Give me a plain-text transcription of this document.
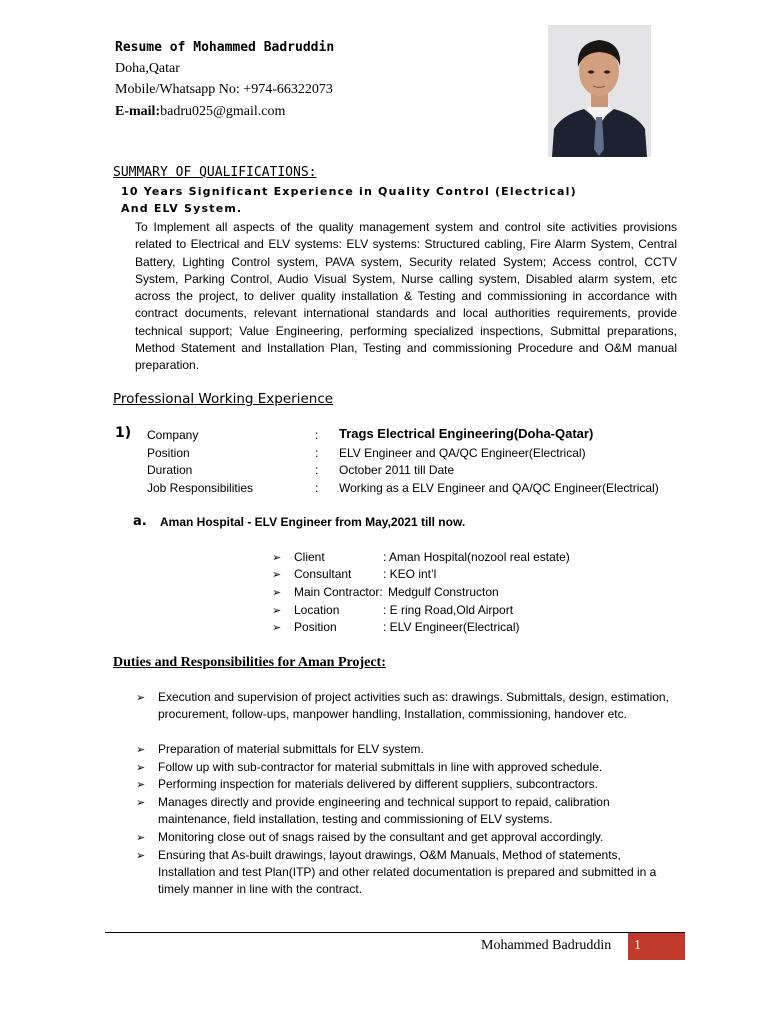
Resume of Mohammed Badruddin
Doha,Qatar
Mobile/Whatsapp No: +974-66322073
E-mail:badru025@gmail.com
SUMMARY OF QUALIFICATIONS:
10 Years Significant Experience in Quality Control (Electrical) And ELV System.
To Implement all aspects of the quality management system and control site activities provisions related to Electrical and ELV systems: ELV systems: Structured cabling, Fire Alarm System, Central Battery, Lighting Control system, PAVA system, Security related System; Access control, CCTV System, Parking Control, Audio Visual System, Nurse calling system, Disabled alarm system, etc across the project, to deliver quality installation & Testing and commissioning in accordance with contract documents, relevant international standards and local authorities requirements, provide technical support; Value Engineering, performing specialized inspections, Submittal preparations, Method Statement and Installation Plan, Testing and commissioning Procedure and O&M manual preparation.
Professional Working Experience
1) Company	: Trags Electrical Engineering(Doha-Qatar)
Position	: ELV Engineer and QA/QC Engineer(Electrical)
Duration	: October 2011 till Date
Job Responsibilities	: Working as a ELV Engineer and QA/QC Engineer(Electrical)
a. Aman Hospital - ELV Engineer from May,2021 till now.
➢ Client	: Aman Hospital(nozool real estate)
➢ Consultant	: KEO int’l
➢ Main Contractor: Medgulf Constructon
➢ Location	: E ring Road,Old Airport
➢ Position	: ELV Engineer(Electrical)
Duties and Responsibilities for Aman Project:
➢ Execution and supervision of project activities such as: drawings. Submittals, design, estimation, procurement, follow-ups, manpower handling, Installation, commissioning, handover etc.
➢ Preparation of material submittals for ELV system.
➢ Follow up with sub-contractor for material submittals in line with approved schedule.
➢ Performing inspection for materials delivered by different suppliers, subcontractors.
➢ Manages directly and provide engineering and technical support to repaid, calibration maintenance, field installation, testing and commissioning of ELV systems.
➢ Monitoring close out of snags raised by the consultant and get approval accordingly.
➢ Ensuring that As-built drawings, layout drawings, O&M Manuals, Method of statements, Installation and test Plan(ITP) and other related documentation is prepared and submitted in a timely manner in line with the contract.
Mohammed Badruddin 1
